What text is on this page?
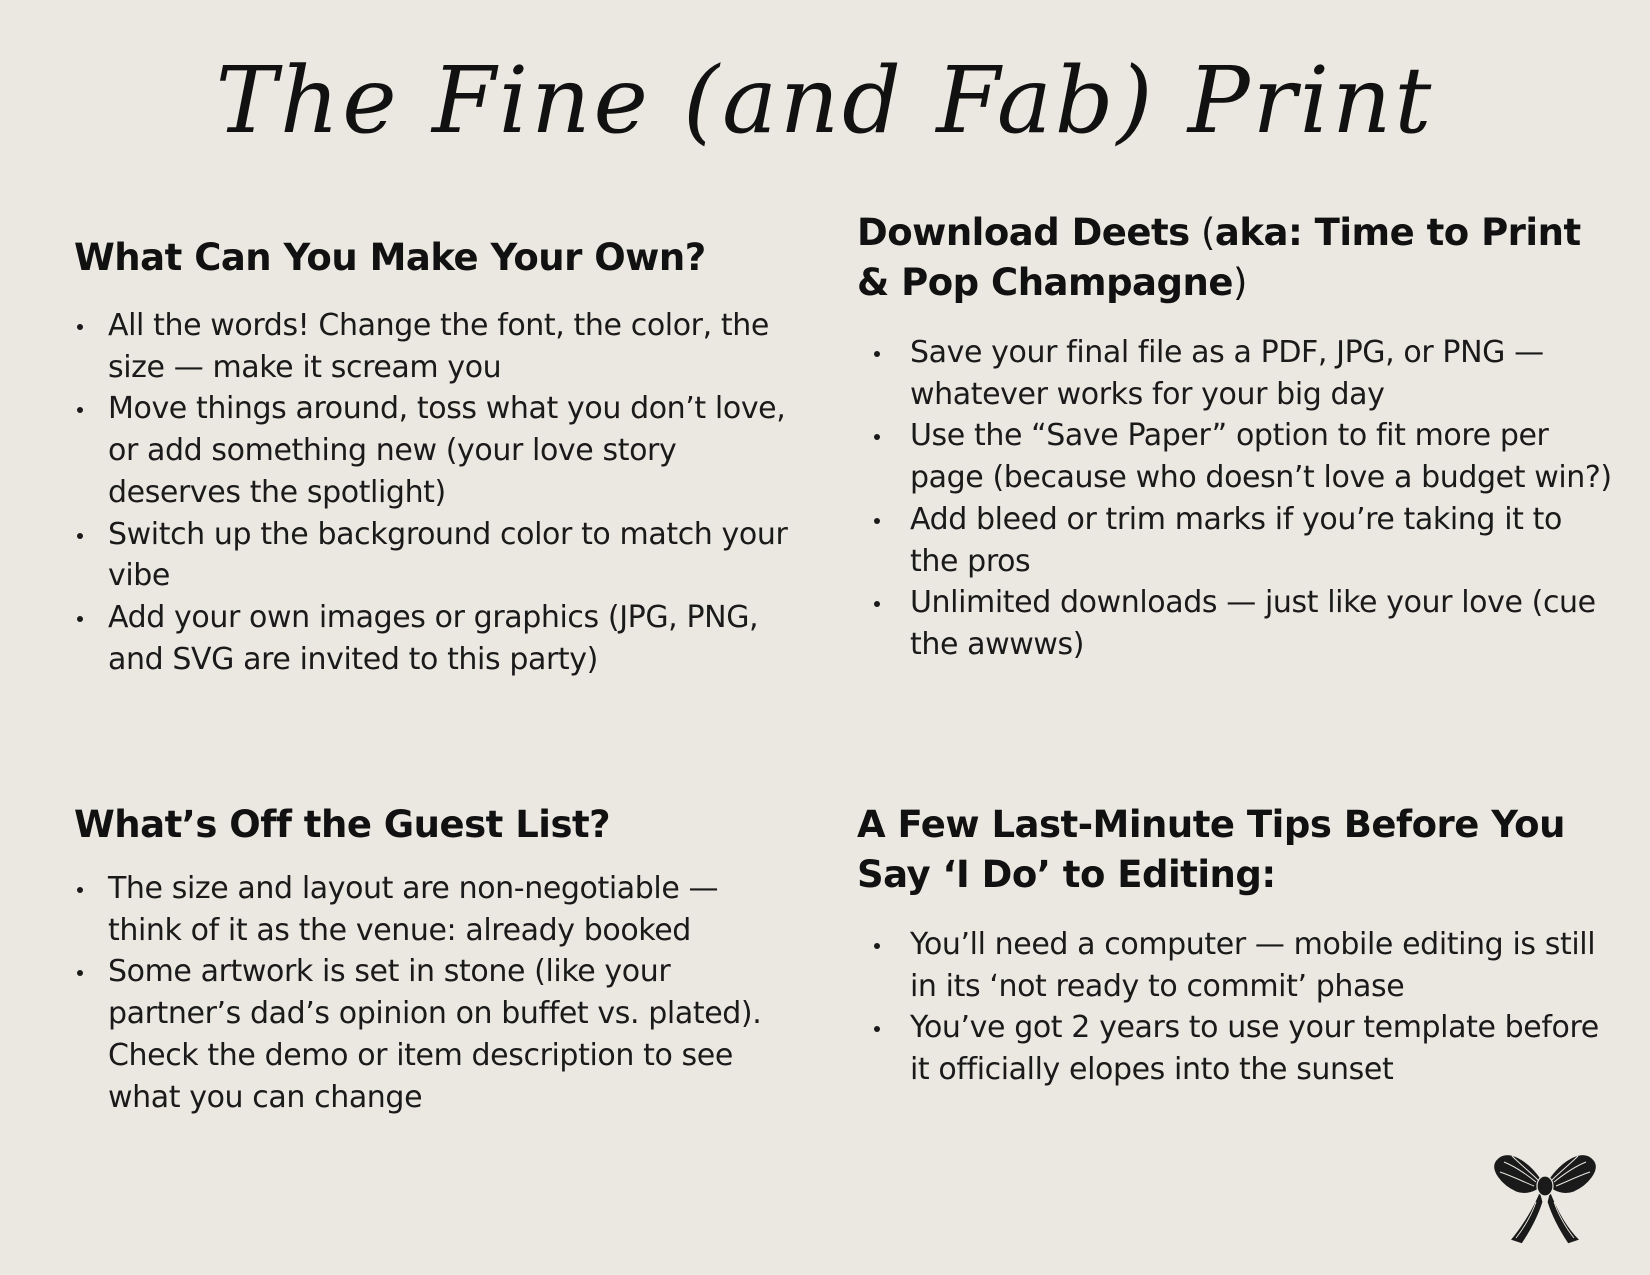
The Fine (and Fab) Print
What Can You Make Your Own?
All the words! Change the font, the color, the size — make it scream you
Move things around, toss what you don’t love, or add something new (your love story deserves the spotlight)
Switch up the background color to match your vibe
Add your own images or graphics (JPG, PNG, and SVG are invited to this party)
Download Deets (aka: Time to Print & Pop Champagne)
Save your final file as a PDF, JPG, or PNG — whatever works for your big day
Use the “Save Paper” option to fit more per page (because who doesn’t love a budget win?)
Add bleed or trim marks if you’re taking it to the pros
Unlimited downloads — just like your love (cue the awwws)
What’s Off the Guest List?
The size and layout are non-negotiable — think of it as the venue: already booked
Some artwork is set in stone (like your partner’s dad’s opinion on buffet vs. plated). Check the demo or item description to see what you can change
A Few Last-Minute Tips Before You Say ‘I Do’ to Editing:
You’ll need a computer — mobile editing is still in its ‘not ready to commit’ phase
You’ve got 2 years to use your template before it officially elopes into the sunset
